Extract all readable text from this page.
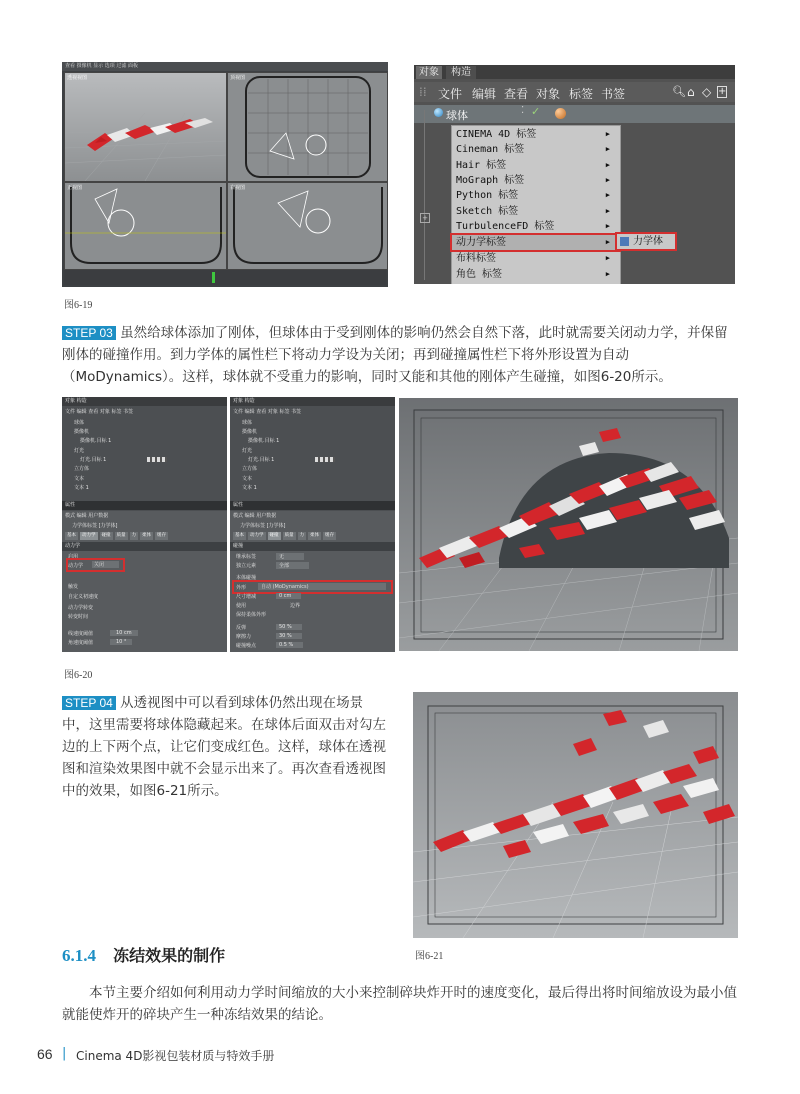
查看 摄像机 显示 选项 过滤 面板
透视视图	顶视图
正视图	右视图
对象	构造
⁞⁞ 文件 编辑 查看 对象 标签 书签	🔍︎ ⌂ ◇ +
球体	⁚ ✓
+
CINEMA 4D 标签	▶
Cineman 标签	▶
Hair 标签	▶
MoGraph 标签	▶
Python 标签	▶
Sketch 标签	▶
TurbulenceFD 标签	▶
动力学标签	▶
布料标签	▶
角色 标签	▶
力学体
图6-19
STEP 03 虽然给球体添加了刚体，但球体由于受到刚体的影响仍然会自然下落，此时就需要关闭动力学，并保留刚体的碰撞作用。到力学体的属性栏下将动力学设为关闭；再到碰撞属性栏下将外形设置为自动（MoDynamics）。这样，球体就不受重力的影响，同时又能和其他的刚体产生碰撞，如图6-20所示。
对象 构造
文件 编辑 查看 对象 标签 书签
球体
摄像机
摄像机.目标 1
灯光
灯光.目标 1
立方体
文本
文本 1
属性
模式 编辑 用户数据
力学体标签 [力学体]
基本	动力学	碰撞	质量	力	柔体	缓存
动力学
启用
动力学 关闭
触发
自定义初速度
动力学转变
转变时间
线速度阈值	10 cm
角速度阈值	10 °
对象 构造
文件 编辑 查看 对象 标签 书签
球体
摄像机
摄像机.目标 1
灯光
灯光.目标 1
立方体
文本
文本 1
属性
模式 编辑 用户数据
力学体标签 [力学体]
基本	动力学	碰撞	质量	力	柔体	缓存
碰撞
继承标签	无
独立元素	全部
本体碰撞
外形	自动 (MoDynamics)
尺寸增减	0 cm
使用	边界
保持柔体外形
反弹	50 %
摩擦力	30 %
碰撞噪点	0.5 %
图6-20
STEP 04 从透视图中可以看到球体仍然出现在场景中，这里需要将球体隐藏起来。在球体后面双击对勾左边的上下两个点，让它们变成红色。这样，球体在透视图和渲染效果图中就不会显示出来了。再次查看透视图中的效果，如图6-21所示。
图6-21
6.1.4 冻结效果的制作
本节主要介绍如何利用动力学时间缩放的大小来控制碎块炸开时的速度变化，最后得出将时间缩放设为最小值就能使炸开的碎块产生一种冻结效果的结论。
66 | Cinema 4D影视包装材质与特效手册
